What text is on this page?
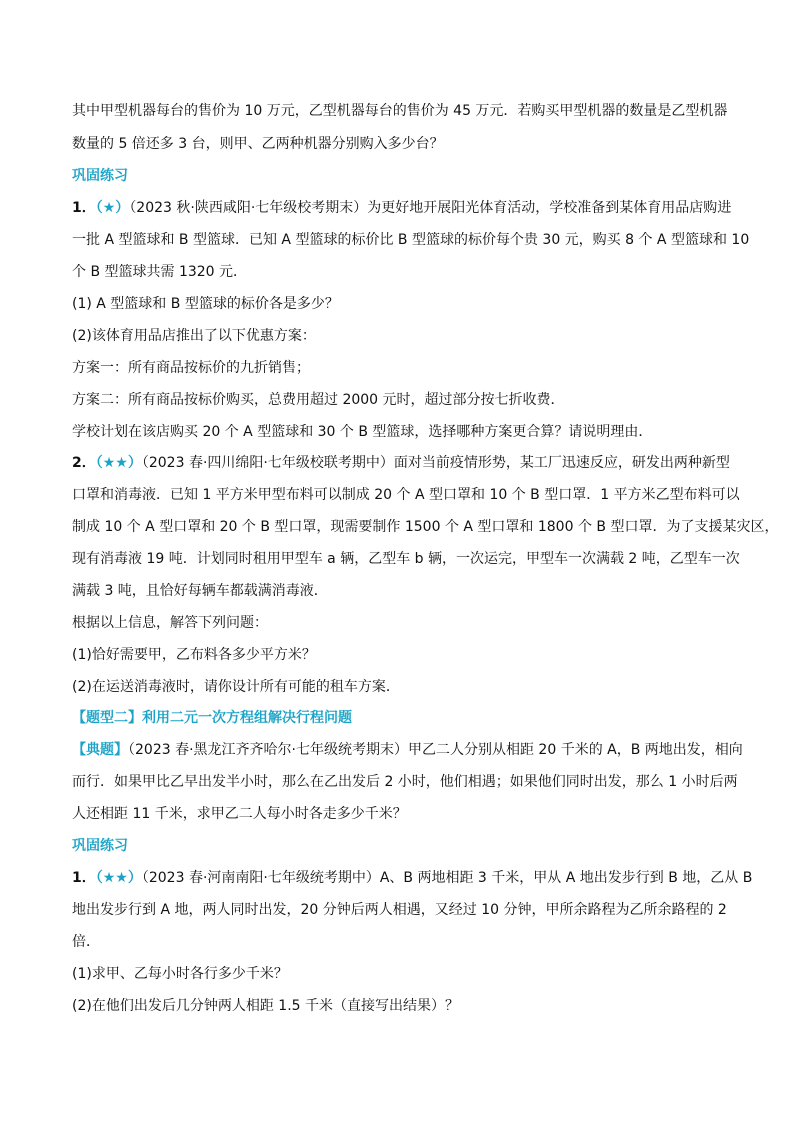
其中甲型机器每台的售价为 10 万元，乙型机器每台的售价为 45 万元．若购买甲型机器的数量是乙型机器
数量的 5 倍还多 3 台，则甲、乙两种机器分别购入多少台？
巩固练习
1．（★）（2023 秋·陕西咸阳·七年级校考期末）为更好地开展阳光体育活动，学校准备到某体育用品店购进
一批 A 型篮球和 B 型篮球．已知 A 型篮球的标价比 B 型篮球的标价每个贵 30 元，购买 8 个 A 型篮球和 10
个 B 型篮球共需 1320 元．
(1) A 型篮球和 B 型篮球的标价各是多少？
(2)该体育用品店推出了以下优惠方案：
方案一：所有商品按标价的九折销售；
方案二：所有商品按标价购买，总费用超过 2000 元时，超过部分按七折收费．
学校计划在该店购买 20 个 A 型篮球和 30 个 B 型篮球，选择哪种方案更合算？请说明理由．
2．（★★）（2023 春·四川绵阳·七年级校联考期中）面对当前疫情形势，某工厂迅速反应，研发出两种新型
口罩和消毒液．已知 1 平方米甲型布料可以制成 20 个 A 型口罩和 10 个 B 型口罩．1 平方米乙型布料可以
制成 10 个 A 型口罩和 20 个 B 型口罩，现需要制作 1500 个 A 型口罩和 1800 个 B 型口罩．为了支援某灾区，
现有消毒液 19 吨．计划同时租用甲型车 a 辆，乙型车 b 辆，一次运完，甲型车一次满载 2 吨，乙型车一次
满载 3 吨，且恰好每辆车都载满消毒液．
根据以上信息，解答下列问题：
(1)恰好需要甲，乙布料各多少平方米？
(2)在运送消毒液时，请你设计所有可能的租车方案．
【题型二】利用二元一次方程组解决行程问题
【典题】（2023 春·黑龙江齐齐哈尔·七年级统考期末）甲乙二人分别从相距 20 千米的 A，B 两地出发，相向
而行．如果甲比乙早出发半小时，那么在乙出发后 2 小时，他们相遇；如果他们同时出发，那么 1 小时后两
人还相距 11 千米，求甲乙二人每小时各走多少千米？
巩固练习
1．（★★）（2023 春·河南南阳·七年级统考期中）A、B 两地相距 3 千米，甲从 A 地出发步行到 B 地，乙从 B
地出发步行到 A 地，两人同时出发，20 分钟后两人相遇，又经过 10 分钟，甲所余路程为乙所余路程的 2
倍．
(1)求甲、乙每小时各行多少千米？
(2)在他们出发后几分钟两人相距 1.5 千米（直接写出结果）？
